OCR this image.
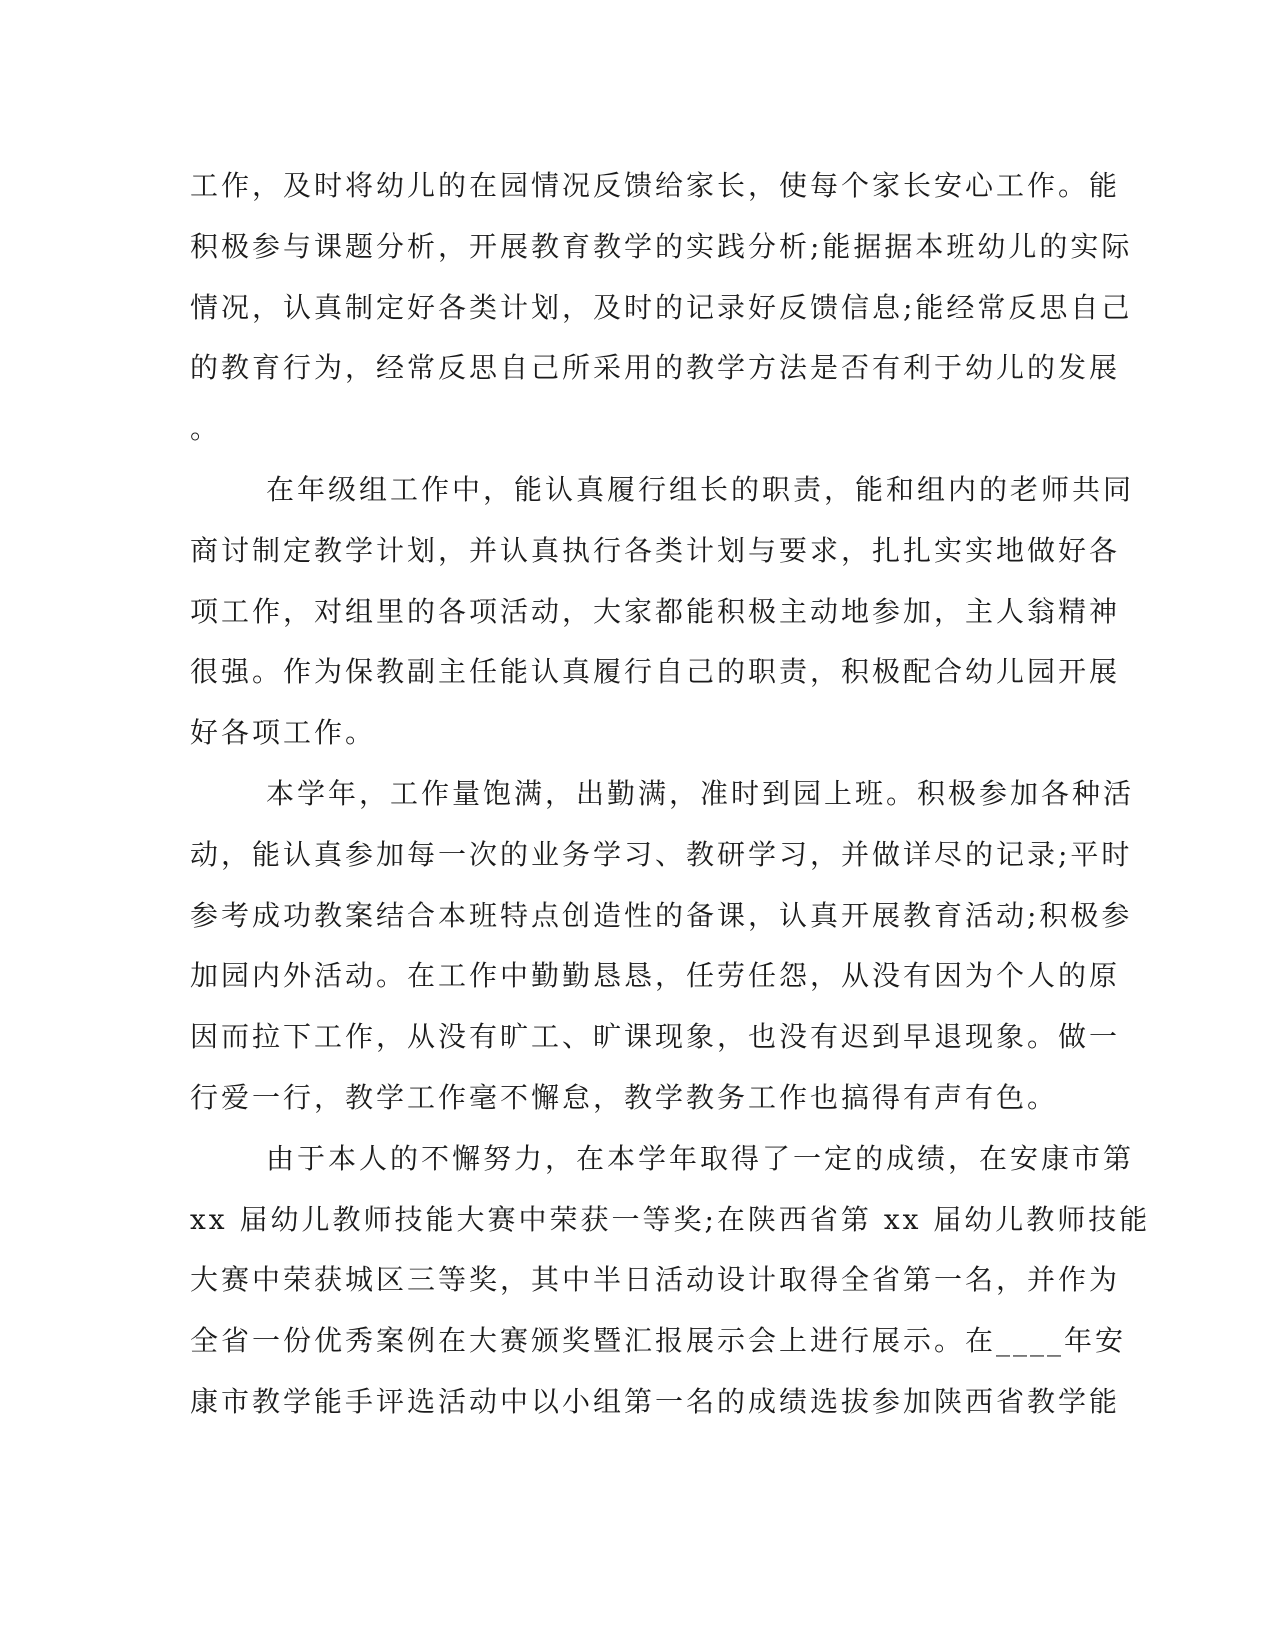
工作，及时将幼儿的在园情况反馈给家长，使每个家长安心工作。能
积极参与课题分析，开展教育教学的实践分析;能据据本班幼儿的实际
情况，认真制定好各类计划，及时的记录好反馈信息;能经常反思自己
的教育行为，经常反思自己所采用的教学方法是否有利于幼儿的发展
。
在年级组工作中，能认真履行组长的职责，能和组内的老师共同
商讨制定教学计划，并认真执行各类计划与要求，扎扎实实地做好各
项工作，对组里的各项活动，大家都能积极主动地参加，主人翁精神
很强。作为保教副主任能认真履行自己的职责，积极配合幼儿园开展
好各项工作。
本学年，工作量饱满，出勤满，准时到园上班。积极参加各种活
动，能认真参加每一次的业务学习、教研学习，并做详尽的记录;平时
参考成功教案结合本班特点创造性的备课，认真开展教育活动;积极参
加园内外活动。在工作中勤勤恳恳，任劳任怨，从没有因为个人的原
因而拉下工作，从没有旷工、旷课现象，也没有迟到早退现象。做一
行爱一行，教学工作毫不懈怠，教学教务工作也搞得有声有色。
由于本人的不懈努力，在本学年取得了一定的成绩，在安康市第
xx 届幼儿教师技能大赛中荣获一等奖;在陕西省第 xx 届幼儿教师技能
大赛中荣获城区三等奖，其中半日活动设计取得全省第一名，并作为
全省一份优秀案例在大赛颁奖暨汇报展示会上进行展示。在____年安
康市教学能手评选活动中以小组第一名的成绩选拔参加陕西省教学能
